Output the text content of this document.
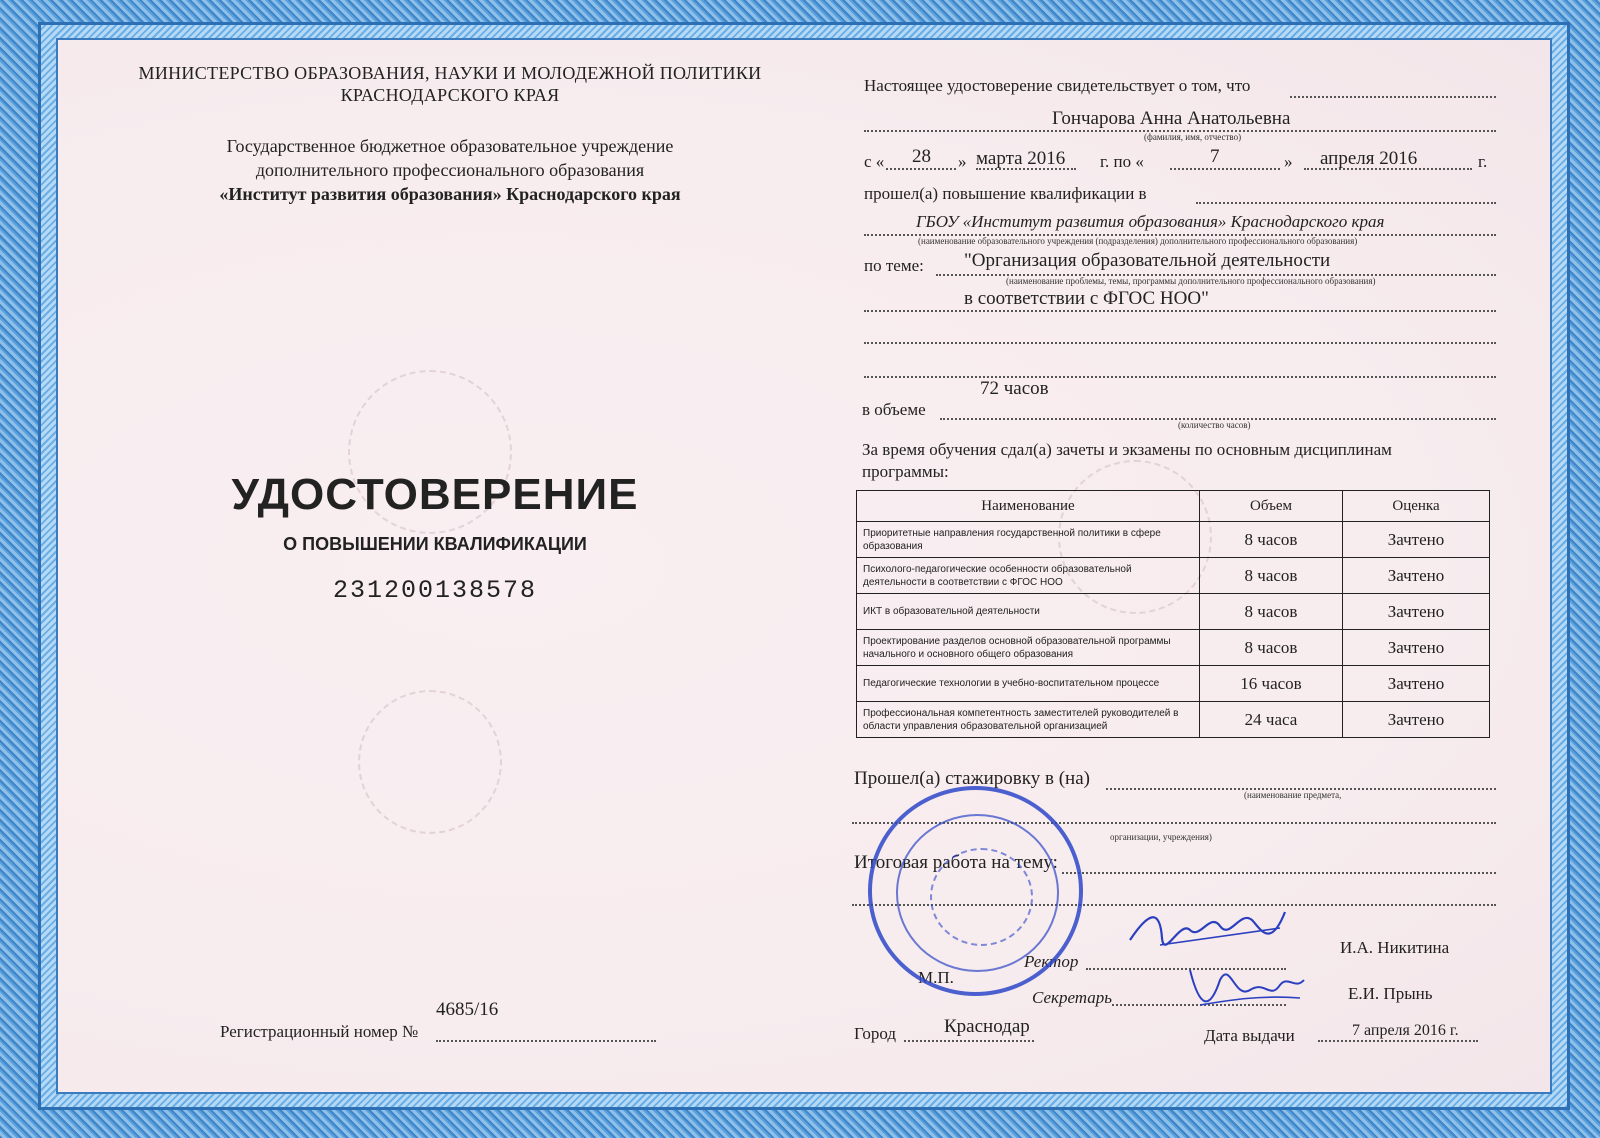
МИНИСТЕРСТВО ОБРАЗОВАНИЯ, НАУКИ И МОЛОДЕЖНОЙ ПОЛИТИКИ
КРАСНОДАРСКОГО КРАЯ
Государственное бюджетное образовательное учреждение
дополнительного профессионального образования
«Институт развития образования» Краснодарского края
УДОСТОВЕРЕНИЕ
О ПОВЫШЕНИИ КВАЛИФИКАЦИИ
231200138578
4685/16
Регистрационный номер №
Настоящее удостоверение свидетельствует о том, что
Гончарова Анна Анатольевна
(фамилия, имя, отчество)
с « 28 » марта 2016 г. по «	7	» апреля 2016	г.
прошел(а) повышение квалификации в
ГБОУ «Институт развития образования» Краснодарского края
(наименование образовательного учреждения (подразделения) дополнительного профессионального образования)
по теме: "Организация образовательной деятельности
(наименование проблемы, темы, программы дополнительного профессионального образования)
в соответствии с ФГОС НОО"
72 часов
в объеме
(количество часов)
За время обучения сдал(а) зачеты и экзамены по основным дисциплинам
программы:
Наименование	Объем	Оценка
Приоритетные направления государственной политики в сфере образования	8 часов	Зачтено
Психолого-педагогические особенности образовательной деятельности в соответствии с ФГОС НОО	8 часов	Зачтено
ИКТ в образовательной деятельности	8 часов	Зачтено
Проектирование разделов основной образовательной программы начального и основного общего образования	8 часов	Зачтено
Педагогические технологии в учебно-воспитательном процессе	16 часов	Зачтено
Профессиональная компетентность заместителей руководителей в области управления образовательной организацией	24 часа	Зачтено
Прошел(а) стажировку в (на)
(наименование предмета,
организации, учреждения)
Итоговая работа на тему:
Ректор
И.А. Никитина
М.П.
Секретарь	Е.И. Прынь
Город	Краснодар	Дата выдачи	7 апреля 2016 г.
